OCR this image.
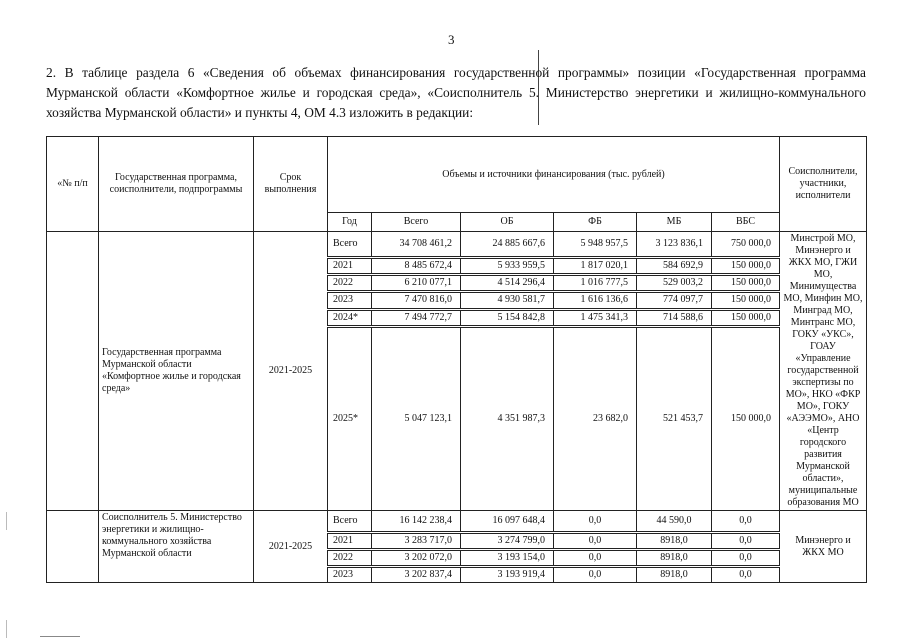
3

2. В таблице раздела 6 «Сведения об объемах финансирования государственной программы» позиции «Государственная программа Мурманской области «Комфортное жилье и городская среда», «Соисполнитель 5. Министерство энергетики и жилищно-коммунального хозяйства Мурманской области» и пункты 4, ОМ 4.3 изложить в редакции:

«№ п/п	Государственная программа, соисполнители, подпрограммы	Срок выполнения	Объемы и источники финансирования (тыс. рублей)						Соисполнители, участники, исполнители
			Год	Всего	ОБ	ФБ	МБ	ВБС	
	Государственная программа Мурманской области «Комфортное жилье и городская среда»	2021-2025	Всего	34 708 461,2	24 885 667,6	5 948 957,5	3 123 836,1	750 000,0	Минстрой МО, Минэнерго и ЖКХ МО, ГЖИ МО, Минимущества МО, Минфин МО, Минград МО, Минтранс МО, ГОКУ «УКС», ГОАУ «Управление государственной экспертизы по МО», НКО «ФКР МО», ГОКУ «АЭЭМО», АНО «Центр городского развития Мурманской области», муниципальные образования МО
			2021	8 485 672,4	5 933 959,5	1 817 020,1	584 692,9	150 000,0	
			2022	6 210 077,1	4 514 296,4	1 016 777,5	529 003,2	150 000,0	
			2023	7 470 816,0	4 930 581,7	1 616 136,6	774 097,7	150 000,0	
			2024*	7 494 772,7	5 154 842,8	1 475 341,3	714 588,6	150 000,0	
			2025*	5 047 123,1	4 351 987,3	23 682,0	521 453,7	150 000,0	
	Соисполнитель 5. Министерство энергетики и жилищно-коммунального хозяйства Мурманской области	2021-2025	Всего	16 142 238,4	16 097 648,4	0,0	44 590,0	0,0	Минэнерго и ЖКХ МО
			2021	3 283 717,0	3 274 799,0	0,0	8918,0	0,0	
			2022	3 202 072,0	3 193 154,0	0,0	8918,0	0,0	
			2023	3 202 837,4	3 193 919,4	0,0	8918,0	0,0	
